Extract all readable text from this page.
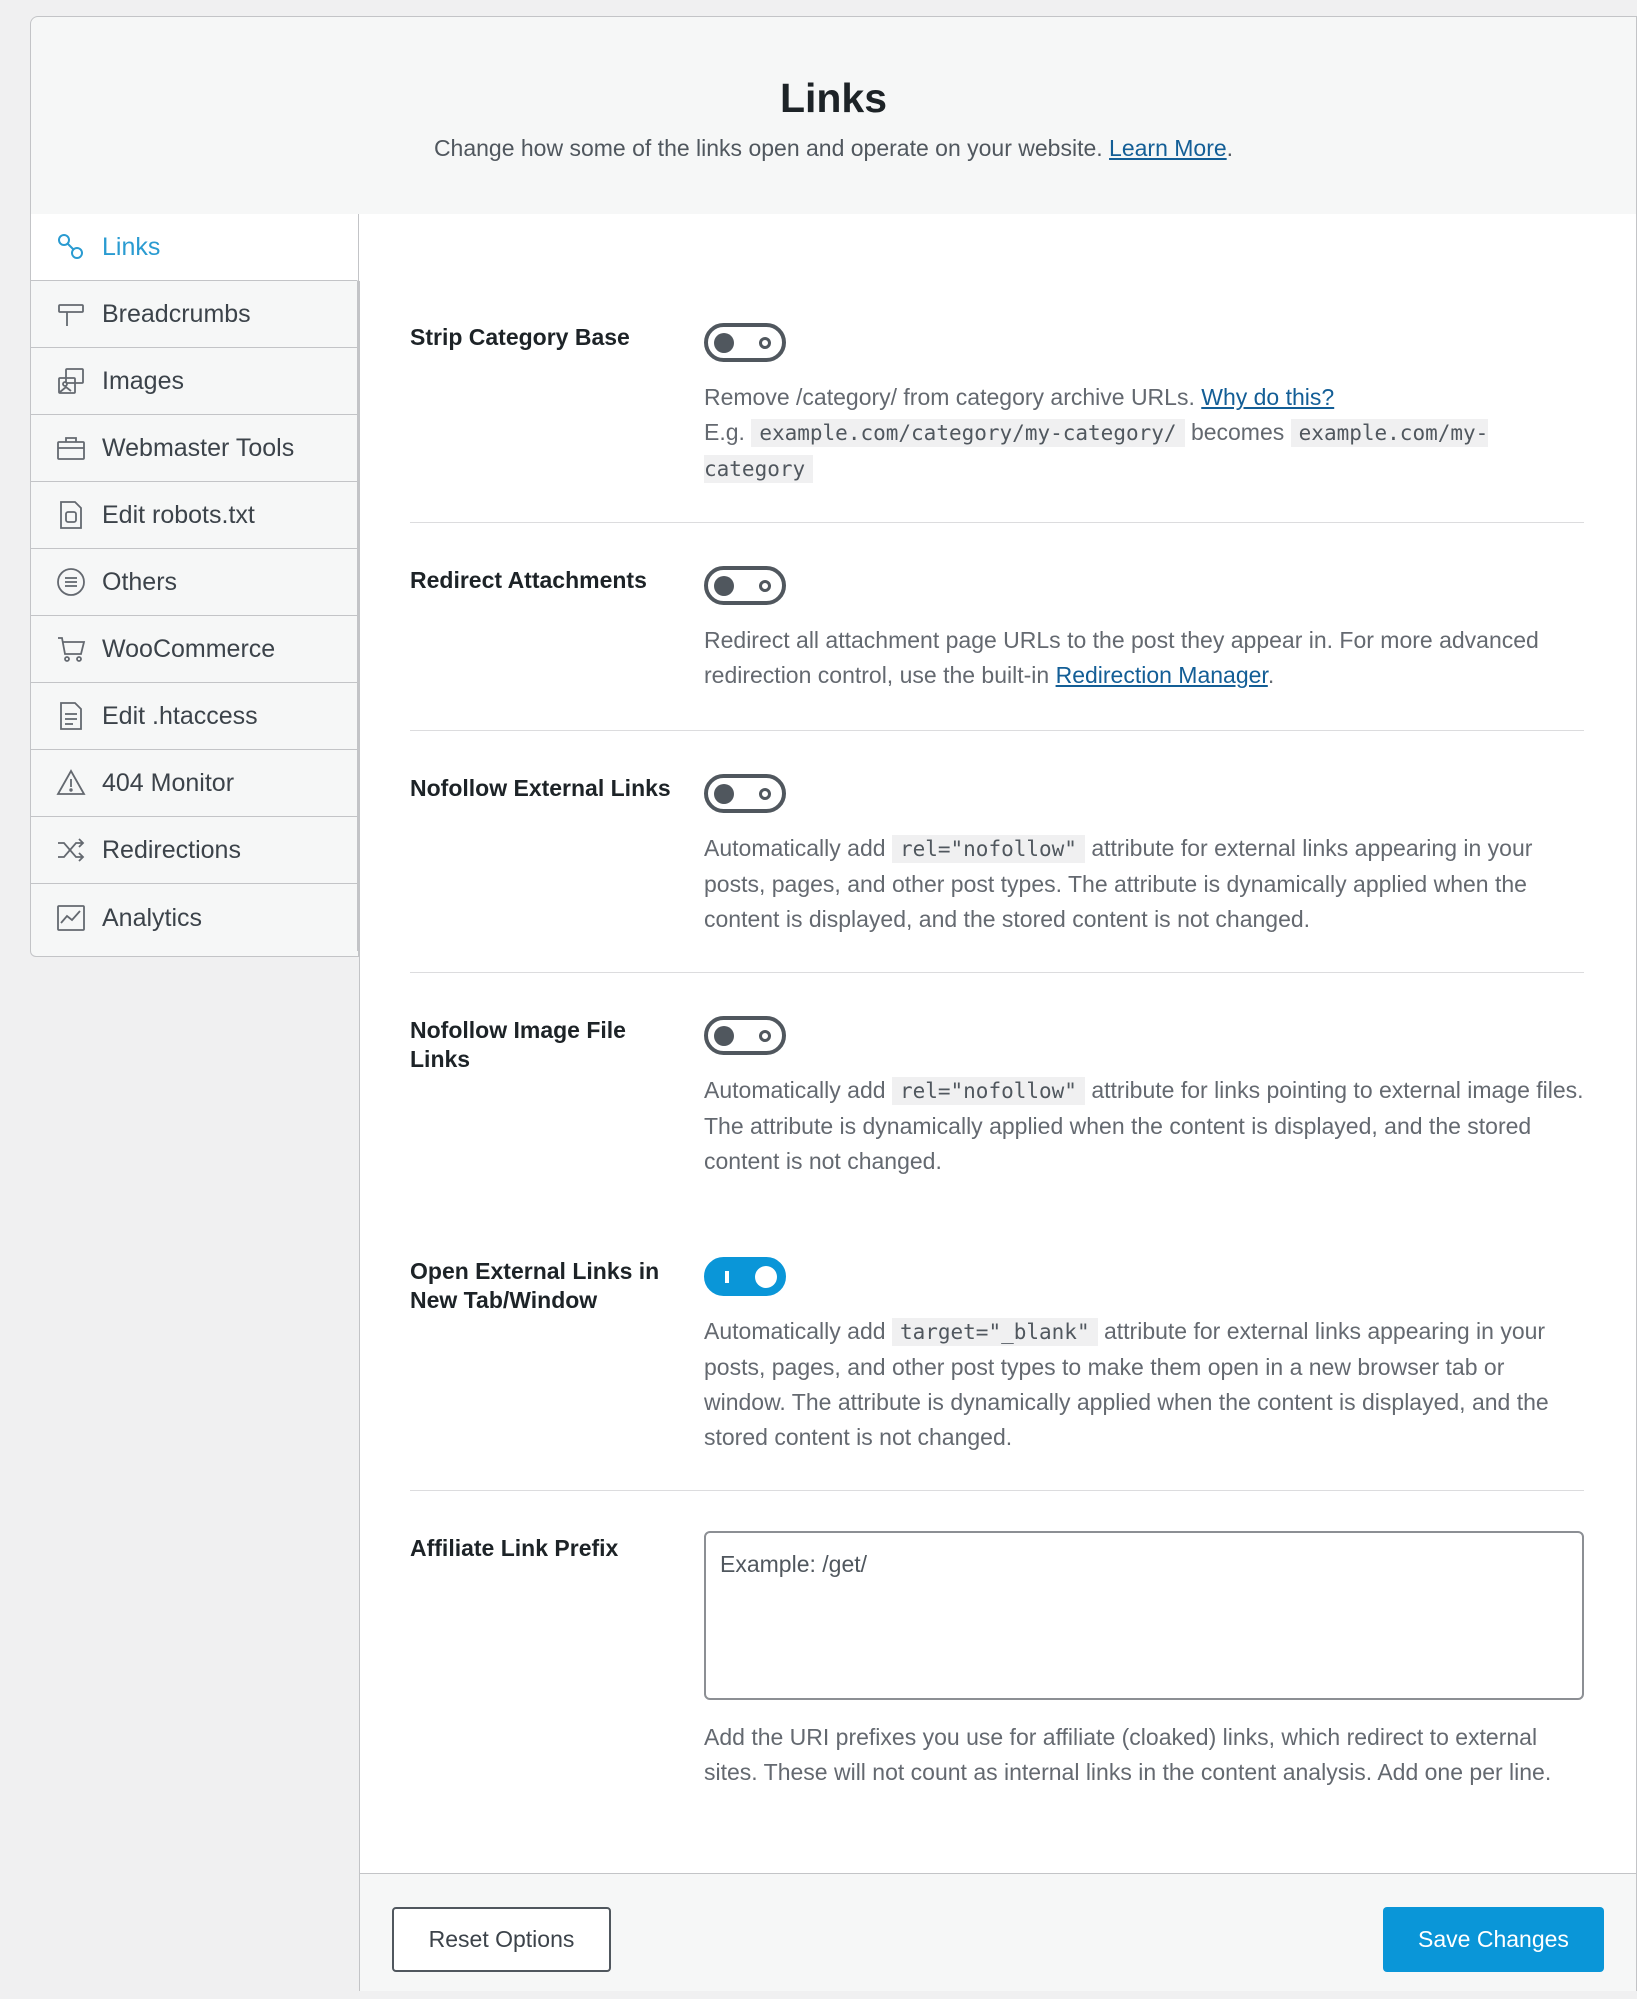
Links
Change how some of the links open and operate on your website. Learn More.
Links
Breadcrumbs
Images
Webmaster Tools
Edit robots.txt
Others
WooCommerce
Edit .htaccess
404 Monitor
Redirections
Analytics
Strip Category Base
Remove /category/ from category archive URLs. Why do this?
E.g. example.com/category/my-category/ becomes example.com/my-category
Redirect Attachments
Redirect all attachment page URLs to the post they appear in. For more advanced redirection control, use the built-in Redirection Manager.
Nofollow External Links
Automatically add rel="nofollow" attribute for external links appearing in your posts, pages, and other post types. The attribute is dynamically applied when the content is displayed, and the stored content is not changed.
Nofollow Image File Links
Automatically add rel="nofollow" attribute for links pointing to external image files. The attribute is dynamically applied when the content is displayed, and the stored content is not changed.
Open External Links in New Tab/Window
Automatically add target="_blank" attribute for external links appearing in your posts, pages, and other post types to make them open in a new browser tab or window. The attribute is dynamically applied when the content is displayed, and the stored content is not changed.
Affiliate Link Prefix
Example: /get/
Add the URI prefixes you use for affiliate (cloaked) links, which redirect to external sites. These will not count as internal links in the content analysis. Add one per line.
Reset Options	Save Changes
